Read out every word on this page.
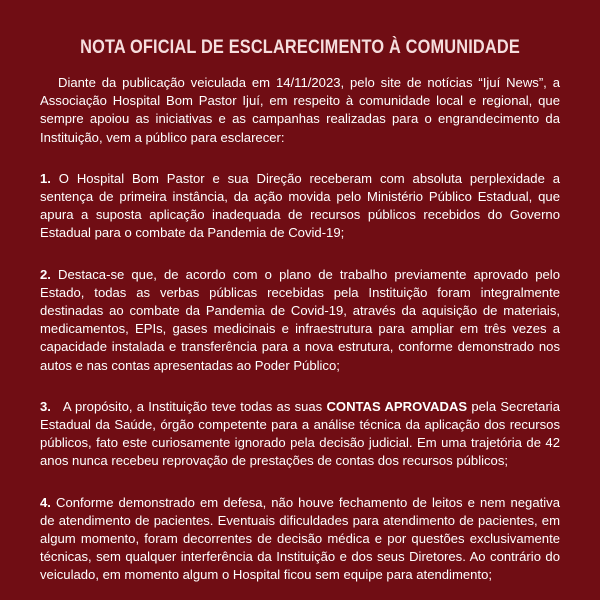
NOTA OFICIAL DE ESCLARECIMENTO À COMUNIDADE

Diante da publicação veiculada em 14/11/2023, pelo site de notícias “Ijuí News”, a Associação Hospital Bom Pastor Ijuí, em respeito à comunidade local e regional, que sempre apoiou as iniciativas e as campanhas realizadas para o engrandecimento da Instituição, vem a público para esclarecer:

1. O Hospital Bom Pastor e sua Direção receberam com absoluta perplexidade a sentença de primeira instância, da ação movida pelo Ministério Público Estadual, que apura a suposta aplicação inadequada de recursos públicos recebidos do Governo Estadual para o combate da Pandemia de Covid-19;

2. Destaca-se que, de acordo com o plano de trabalho previamente aprovado pelo Estado, todas as verbas públicas recebidas pela Instituição foram integralmente destinadas ao combate da Pandemia de Covid-19, através da aquisição de materiais, medicamentos, EPIs, gases medicinais e infraestrutura para ampliar em três vezes a capacidade instalada e transferência para a nova estrutura, conforme demonstrado nos autos e nas contas apresentadas ao Poder Público;

3. A propósito, a Instituição teve todas as suas CONTAS APROVADAS pela Secretaria Estadual da Saúde, órgão competente para a análise técnica da aplicação dos recursos públicos, fato este curiosamente ignorado pela decisão judicial. Em uma trajetória de 42 anos nunca recebeu reprovação de prestações de contas dos recursos públicos;

4. Conforme demonstrado em defesa, não houve fechamento de leitos e nem negativa de atendimento de pacientes. Eventuais dificuldades para atendimento de pacientes, em algum momento, foram decorrentes de decisão médica e por questões exclusivamente técnicas, sem qualquer interferência da Instituição e dos seus Diretores. Ao contrário do veiculado, em momento algum o Hospital ficou sem equipe para atendimento;
